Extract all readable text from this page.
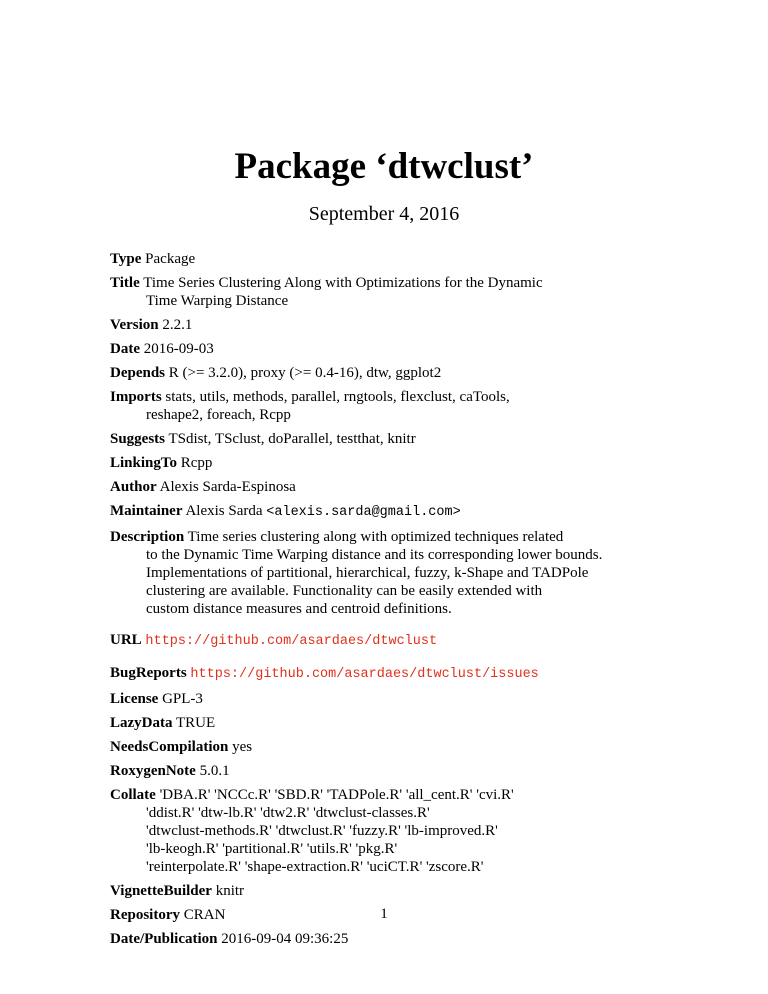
Package ‘dtwclust’
September 4, 2016
Type Package
Title Time Series Clustering Along with Optimizations for the Dynamic
Time Warping Distance
Version 2.2.1
Date 2016-09-03
Depends R (>= 3.2.0), proxy (>= 0.4-16), dtw, ggplot2
Imports stats, utils, methods, parallel, rngtools, flexclust, caTools,
reshape2, foreach, Rcpp
Suggests TSdist, TSclust, doParallel, testthat, knitr
LinkingTo Rcpp
Author Alexis Sarda-Espinosa
Maintainer Alexis Sarda <alexis.sarda@gmail.com>
Description Time series clustering along with optimized techniques related
to the Dynamic Time Warping distance and its corresponding lower bounds.
Implementations of partitional, hierarchical, fuzzy, k-Shape and TADPole
clustering are available. Functionality can be easily extended with
custom distance measures and centroid definitions.
URL https://github.com/asardaes/dtwclust
BugReports https://github.com/asardaes/dtwclust/issues
License GPL-3
LazyData TRUE
NeedsCompilation yes
RoxygenNote 5.0.1
Collate 'DBA.R' 'NCCc.R' 'SBD.R' 'TADPole.R' 'all_cent.R' 'cvi.R'
'ddist.R' 'dtw-lb.R' 'dtw2.R' 'dtwclust-classes.R'
'dtwclust-methods.R' 'dtwclust.R' 'fuzzy.R' 'lb-improved.R'
'lb-keogh.R' 'partitional.R' 'utils.R' 'pkg.R'
'reinterpolate.R' 'shape-extraction.R' 'uciCT.R' 'zscore.R'
VignetteBuilder knitr
Repository CRAN
Date/Publication 2016-09-04 09:36:25
1
